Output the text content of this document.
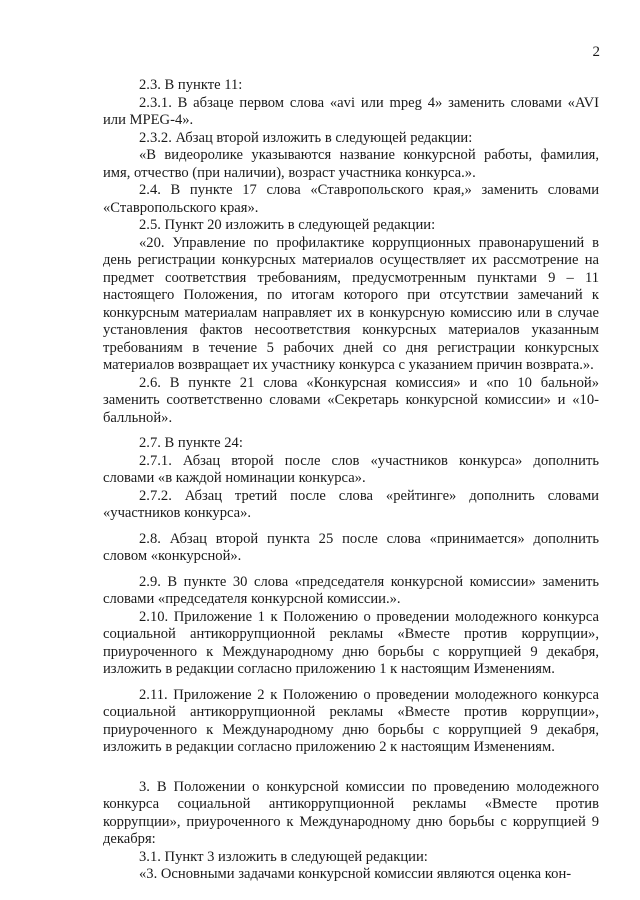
2

2.3. В пункте 11:

2.3.1. В абзаце первом слова «avi или mpeg 4» заменить словами «AVI или MPEG-4».

2.3.2. Абзац второй изложить в следующей редакции:

«В видеоролике указываются название конкурсной работы, фамилия, имя, отчество (при наличии), возраст участника конкурса.».

2.4. В пункте 17 слова «Ставропольского края,» заменить словами «Ставропольского края».

2.5. Пункт 20 изложить в следующей редакции:

«20. Управление по профилактике коррупционных правонарушений в день регистрации конкурсных материалов осуществляет их рассмотрение на предмет соответствия требованиям, предусмотренным пунктами 9 – 11 настоящего Положения, по итогам которого при отсутствии замечаний к конкурсным материалам направляет их в конкурсную комиссию или в случае установления фактов несоответствия конкурсных материалов указанным требованиям в течение 5 рабочих дней со дня регистрации конкурсных материалов возвращает их участнику конкурса с указанием причин возврата.».

2.6. В пункте 21 слова «Конкурсная комиссия» и «по 10 бальной» заменить соответственно словами «Секретарь конкурсной комиссии» и «10-балльной».

2.7. В пункте 24:

2.7.1. Абзац второй после слов «участников конкурса» дополнить словами «в каждой номинации конкурса».

2.7.2. Абзац третий после слова «рейтинге» дополнить словами «участников конкурса».

2.8. Абзац второй пункта 25 после слова «принимается» дополнить словом «конкурсной».

2.9. В пункте 30 слова «председателя конкурсной комиссии» заменить словами «председателя конкурсной комиссии.».

2.10. Приложение 1 к Положению о проведении молодежного конкурса социальной антикоррупционной рекламы «Вместе против коррупции», приуроченного к Международному дню борьбы с коррупцией 9 декабря, изложить в редакции согласно приложению 1 к настоящим Изменениям.

2.11. Приложение 2 к Положению о проведении молодежного конкурса социальной антикоррупционной рекламы «Вместе против коррупции», приуроченного к Международному дню борьбы с коррупцией 9 декабря, изложить в редакции согласно приложению 2 к настоящим Изменениям.

3. В Положении о конкурсной комиссии по проведению молодежного конкурса социальной антикоррупционной рекламы «Вместе против коррупции», приуроченного к Международному дню борьбы с коррупцией 9 декабря:

3.1. Пункт 3 изложить в следующей редакции:

«3. Основными задачами конкурсной комиссии являются оценка кон-
